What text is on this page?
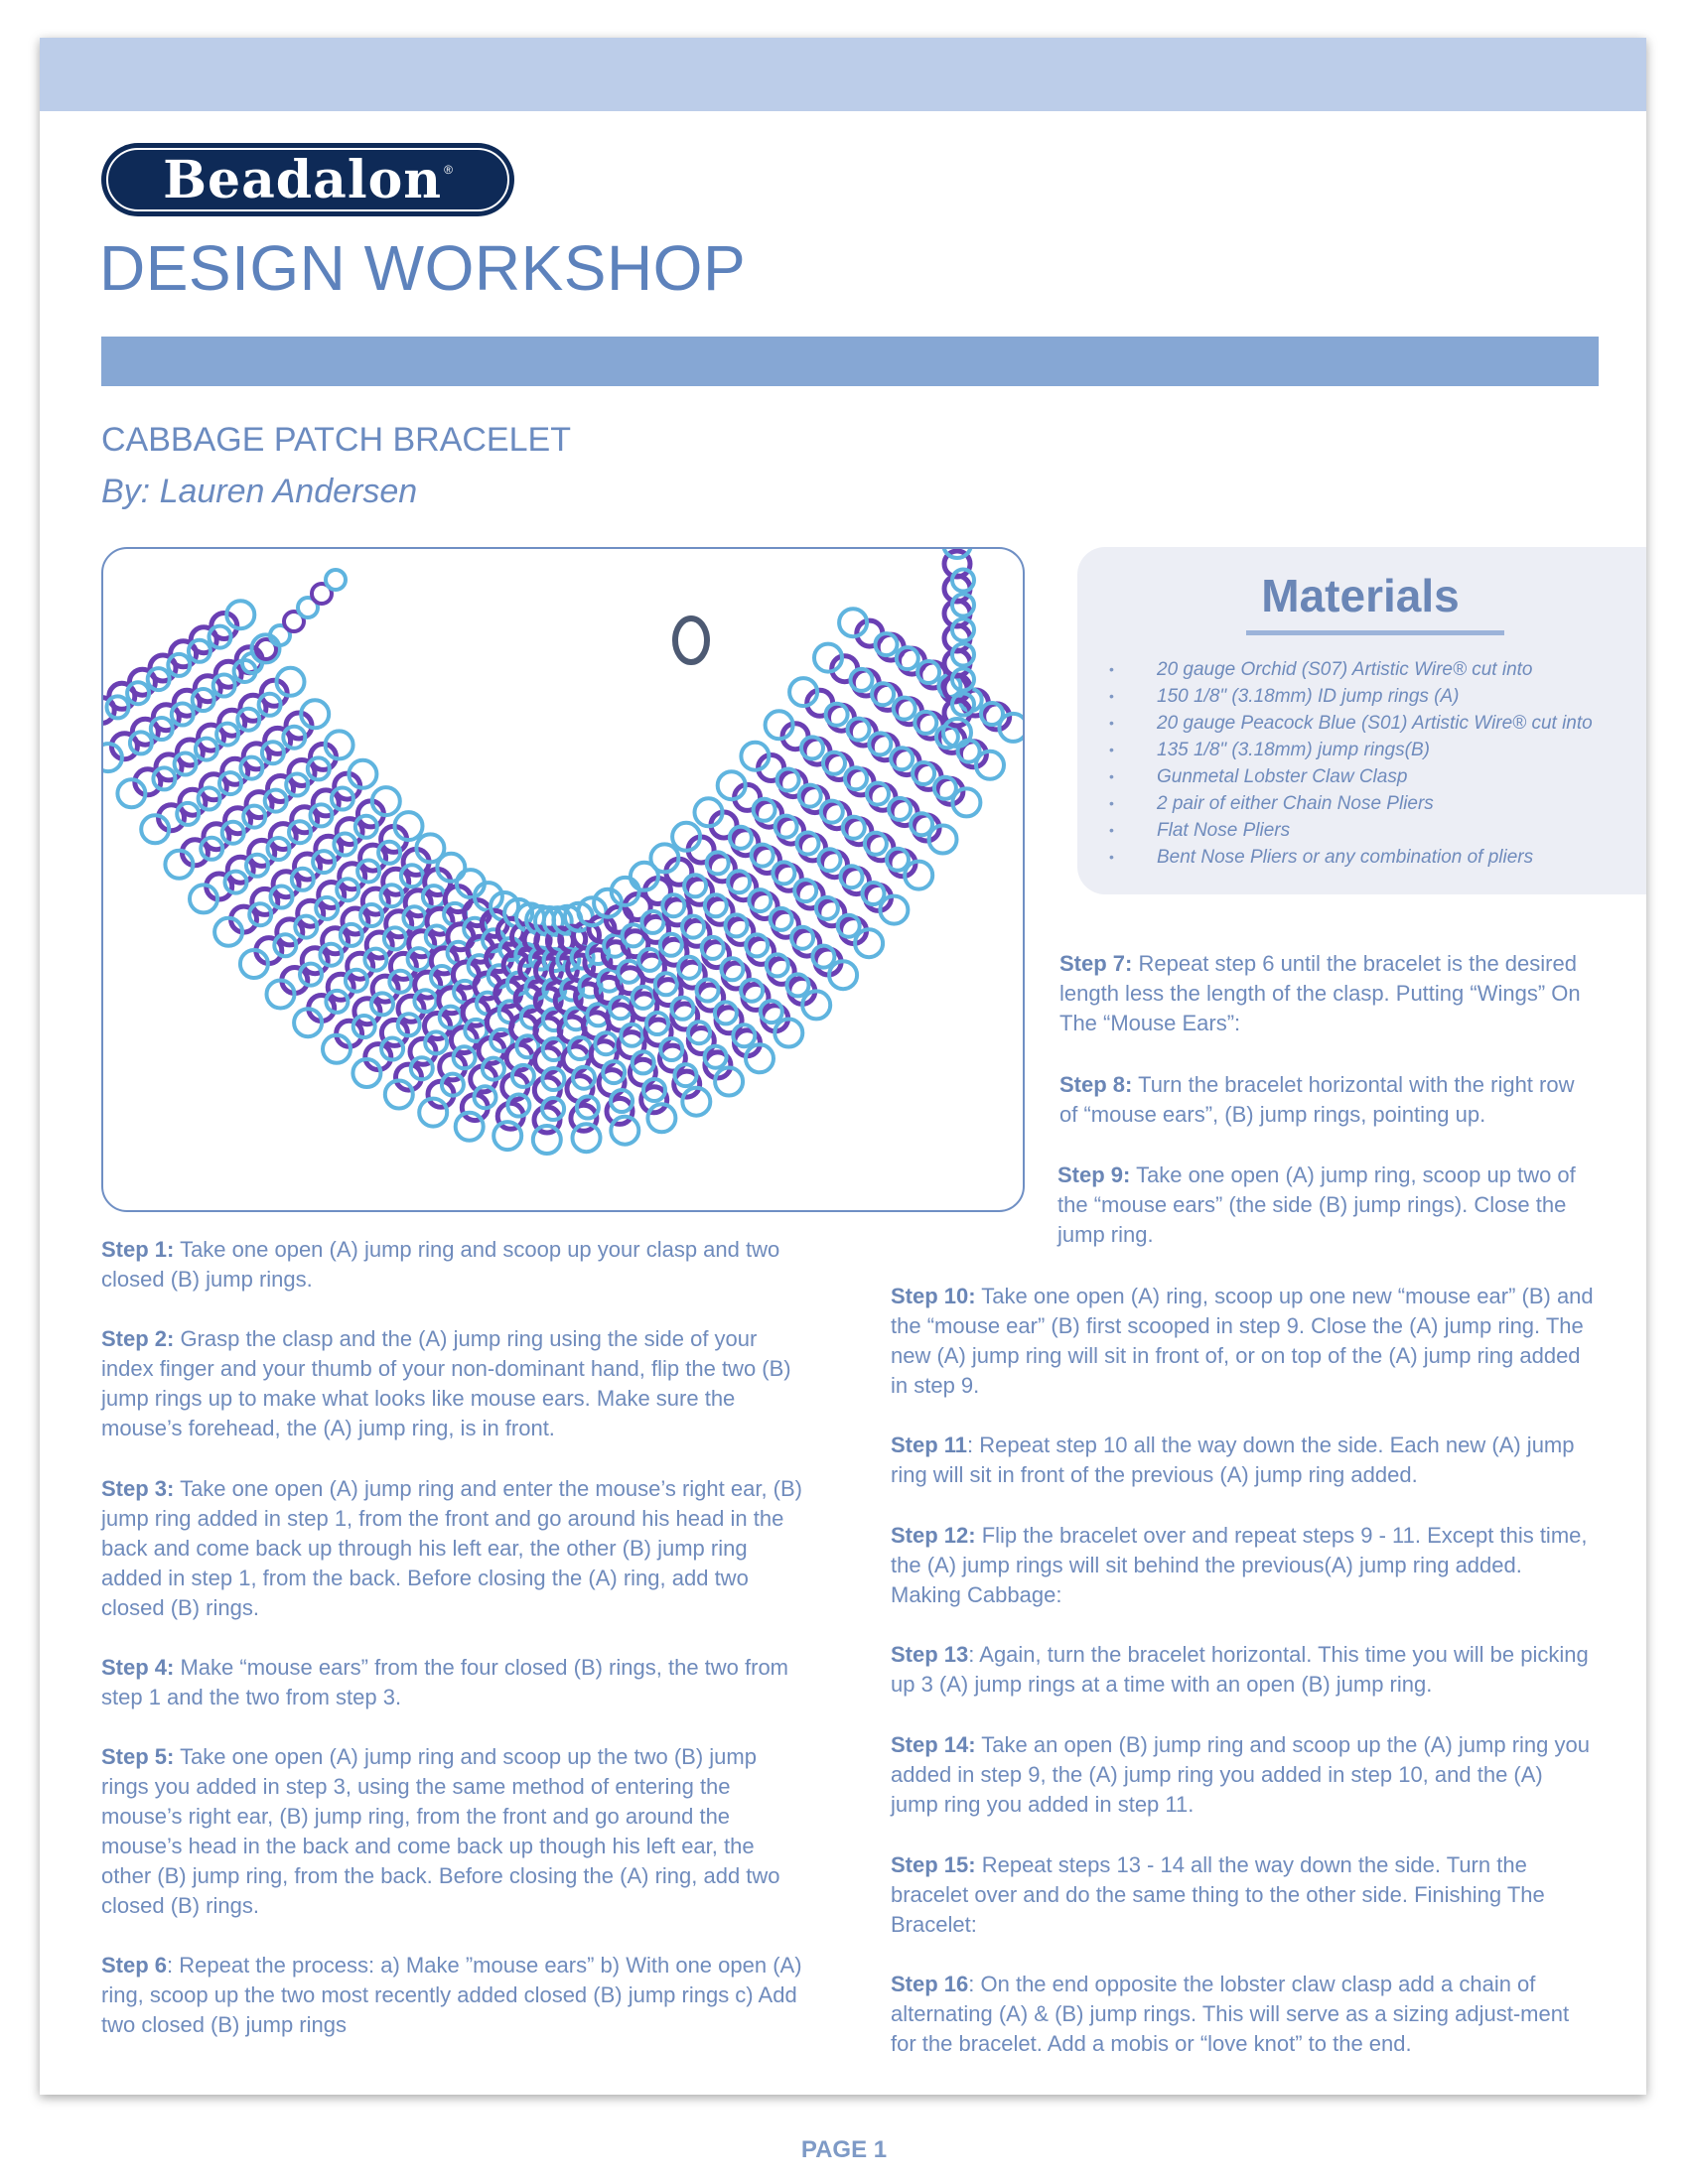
Beadalon ®
DESIGN WORKSHOP
CABBAGE PATCH BRACELET
By: Lauren Andersen
Materials
• 20 gauge Orchid (S07) Artistic Wire® cut into
• 150 1/8" (3.18mm) ID jump rings (A)
• 20 gauge Peacock Blue (S01) Artistic Wire® cut into
• 135 1/8" (3.18mm) jump rings(B)
• Gunmetal Lobster Claw Clasp
• 2 pair of either Chain Nose Pliers
• Flat Nose Pliers
• Bent Nose Pliers or any combination of pliers

Step 1: Take one open (A) jump ring and scoop up your clasp and two closed (B) jump rings.

Step 2: Grasp the clasp and the (A) jump ring using the side of your index finger and your thumb of your non-dominant hand, flip the two (B) jump rings up to make what looks like mouse ears. Make sure the mouse’s forehead, the (A) jump ring, is in front.

Step 3: Take one open (A) jump ring and enter the mouse’s right ear, (B) jump ring added in step 1, from the front and go around his head in the back and come back up through his left ear, the other (B) jump ring added in step 1, from the back. Before closing the (A) ring, add two closed (B) rings.

Step 4: Make “mouse ears” from the four closed (B) rings, the two from step 1 and the two from step 3.

Step 5: Take one open (A) jump ring and scoop up the two (B) jump rings you added in step 3, using the same method of entering the mouse’s right ear, (B) jump ring, from the front and go around the mouse’s head in the back and come back up though his left ear, the other (B) jump ring, from the back. Before closing the (A) ring, add two closed (B) rings.

Step 6: Repeat the process: a) Make ”mouse ears” b) With one open (A) ring, scoop up the two most recently added closed (B) jump rings c) Add two closed (B) jump rings

Step 7: Repeat step 6 until the bracelet is the desired length less the length of the clasp. Putting “Wings” On The “Mouse Ears”:

Step 8: Turn the bracelet horizontal with the right row of “mouse ears”, (B) jump rings, pointing up.

Step 9: Take one open (A) jump ring, scoop up two of the “mouse ears” (the side (B) jump rings). Close the jump ring.

Step 10: Take one open (A) ring, scoop up one new “mouse ear” (B) and the “mouse ear” (B) first scooped in step 9. Close the (A) jump ring. The new (A) jump ring will sit in front of, or on top of the (A) jump ring added in step 9.

Step 11: Repeat step 10 all the way down the side. Each new (A) jump ring will sit in front of the previous (A) jump ring added.

Step 12: Flip the bracelet over and repeat steps 9 - 11. Except this time, the (A) jump rings will sit behind the previous(A) jump ring added. Making Cabbage:

Step 13: Again, turn the bracelet horizontal. This time you will be picking up 3 (A) jump rings at a time with an open (B) jump ring.

Step 14: Take an open (B) jump ring and scoop up the (A) jump ring you added in step 9, the (A) jump ring you added in step 10, and the (A) jump ring you added in step 11.

Step 15: Repeat steps 13 - 14 all the way down the side. Turn the bracelet over and do the same thing to the other side. Finishing The Bracelet:

Step 16: On the end opposite the lobster claw clasp add a chain of alternating (A) & (B) jump rings. This will serve as a sizing adjust-ment for the bracelet. Add a mobis or “love knot” to the end.

PAGE 1
